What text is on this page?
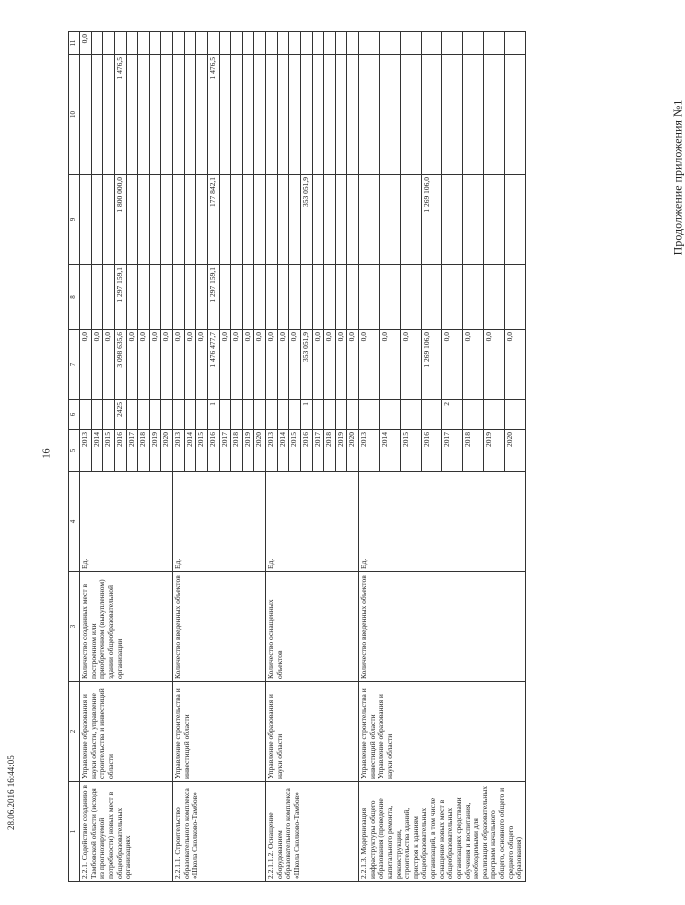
16
Продолжение приложения №1
28.06.2016 16:44:05
1	2	3	4	5	6	7	8	9	10	11
2.2.1. Содействие созданию в Тамбовской области (исходя из прогнозируемой потребности) новых мест в общеобразовательных организациях	Управление образования и науки области, управление строительства и инвестиций области	Количество созданных мест в построенном или приобретенном (выкупленном) здании общеобразовательной организации	Ед.	2013		0,0				0,0
				2014		0,0				
				2015		0,0				
				2016	2425	3 098 635,6	1 297 159,1	1 800 000,0	1 476,5	
				2017		0,0				
				2018		0,0				
				2019		0,0				
				2020		0,0				
2.2.1.1. Строительство образовательного комплекса «Школа Сколково-Тамбов»	Управление строительства и инвестиций области	Количество введенных объектов	Ед.	2013		0,0				
				2014		0,0				
				2015		0,0				
				2016	1	1 476 477,7	1 297 159,1	177 842,1	1 476,5	
				2017		0,0				
				2018		0,0				
				2019		0,0				
				2020		0,0				
2.2.1.1.2. Оснащение оборудованием образовательного комплекса «Школа Сколково-Тамбов»	Управление образования и науки области	Количество оснащенных объектов	Ед.	2013		0,0				
				2014		0,0				
				2015		0,0				
				2016	1	353 051,9		353 051,9		
				2017		0,0				
				2018		0,0				
				2019		0,0				
				2020		0,0				
2.2.1.3. Модернизация инфраструктуры общего образования (проведение капитального ремонта, реконструкции, строительства зданий, пристроя к зданиям общеобразовательных организаций, в том числе оснащение новых мест в общеобразовательных организациях средствами обучения и воспитания, необходимыми для реализации образовательных программ начального общего, основного общего и среднего общего образования)	Управление строительства и инвестиций области Управление образования и науки области	Количество введенных объектов	Ед.	2013		0,0				
				2014		0,0				
				2015		0,0				
				2016		1 269 106,0		1 269 106,0		
				2017	2	0,0				
				2018		0,0				
				2019		0,0				
				2020		0,0				
